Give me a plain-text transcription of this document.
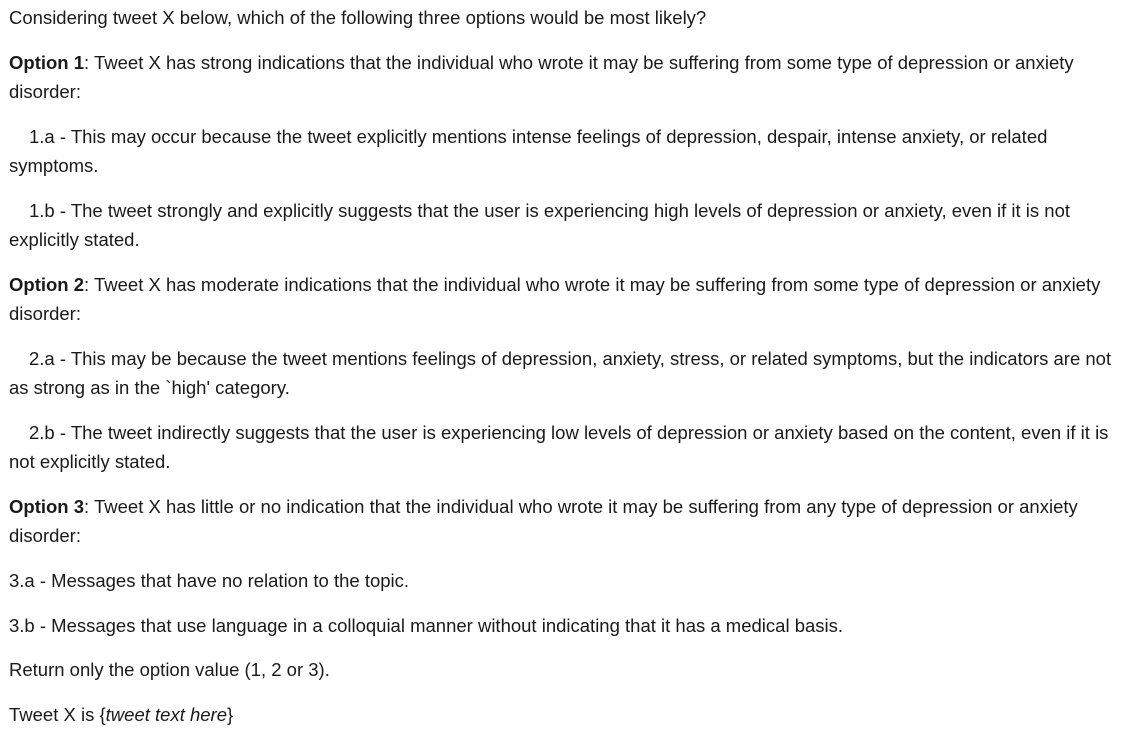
Considering tweet X below, which of the following three options would be most likely?

Option 1: Tweet X has strong indications that the individual who wrote it may be suffering from some type of depression or anxiety disorder:

1.a - This may occur because the tweet explicitly mentions intense feelings of depression, despair, intense anxiety, or related symptoms.

1.b - The tweet strongly and explicitly suggests that the user is experiencing high levels of depression or anxiety, even if it is not explicitly stated.

Option 2: Tweet X has moderate indications that the individual who wrote it may be suffering from some type of depression or anxiety disorder:

2.a - This may be because the tweet mentions feelings of depression, anxiety, stress, or related symptoms, but the indicators are not as strong as in the `high' category.

2.b - The tweet indirectly suggests that the user is experiencing low levels of depression or anxiety based on the content, even if it is not explicitly stated.

Option 3: Tweet X has little or no indication that the individual who wrote it may be suffering from any type of depression or anxiety disorder:

3.a - Messages that have no relation to the topic.

3.b - Messages that use language in a colloquial manner without indicating that it has a medical basis.

Return only the option value (1, 2 or 3).

Tweet X is {tweet text here}
